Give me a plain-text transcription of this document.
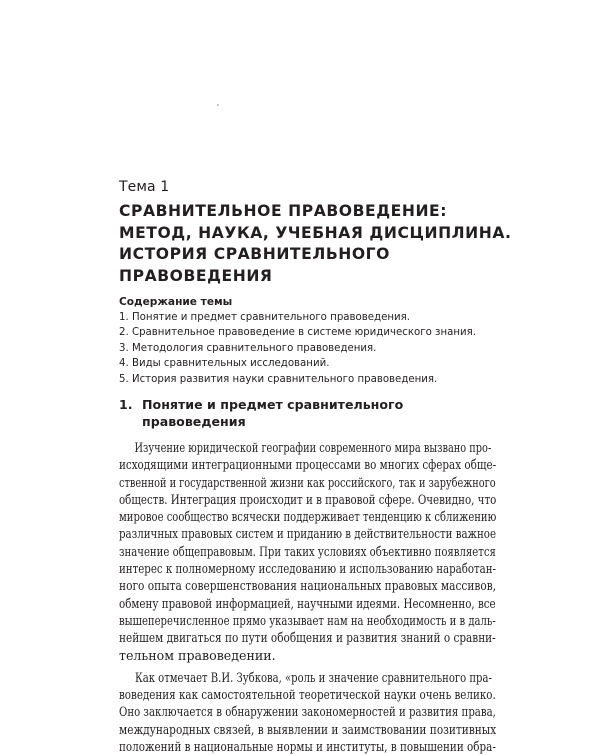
Тема 1
СРАВНИТЕЛЬНОЕ ПРАВОВЕДЕНИЕ:
МЕТОД, НАУКА, УЧЕБНАЯ ДИСЦИПЛИНА.
ИСТОРИЯ СРАВНИТЕЛЬНОГО
ПРАВОВЕДЕНИЯ
Содержание темы
1. Понятие и предмет сравнительного правоведения.
2. Сравнительное правоведение в системе юридического знания.
3. Методология сравнительного правоведения.
4. Виды сравнительных исследований.
5. История развития науки сравнительного правоведения.
1. Понятие и предмет сравнительного
правоведения
Изучение юридической географии современного мира вызвано про-
исходящими интеграционными процессами во многих сферах обще-
ственной и государственной жизни как российского, так и зарубежного
обществ. Интеграция происходит и в правовой сфере. Очевидно, что
мировое сообщество всячески поддерживает тенденцию к сближению
различных правовых систем и приданию в действительности важное
значение общеправовым. При таких условиях объективно появляется
интерес к полномерному исследованию и использованию наработан-
ного опыта совершенствования национальных правовых массивов,
обмену правовой информацией, научными идеями. Несомненно, все
вышеперечисленное прямо указывает нам на необходимость и в даль-
нейшем двигаться по пути обобщения и развития знаний о сравни-
тельном правоведении.
Как отмечает В.И. Зубкова, «роль и значение сравнительного пра-
воведения как самостоятельной теоретической науки очень велико.
Оно заключается в обнаружении закономерностей и развития права,
международных связей, в выявлении и заимствовании позитивных
положений в национальные нормы и институты, в повышении обра-
